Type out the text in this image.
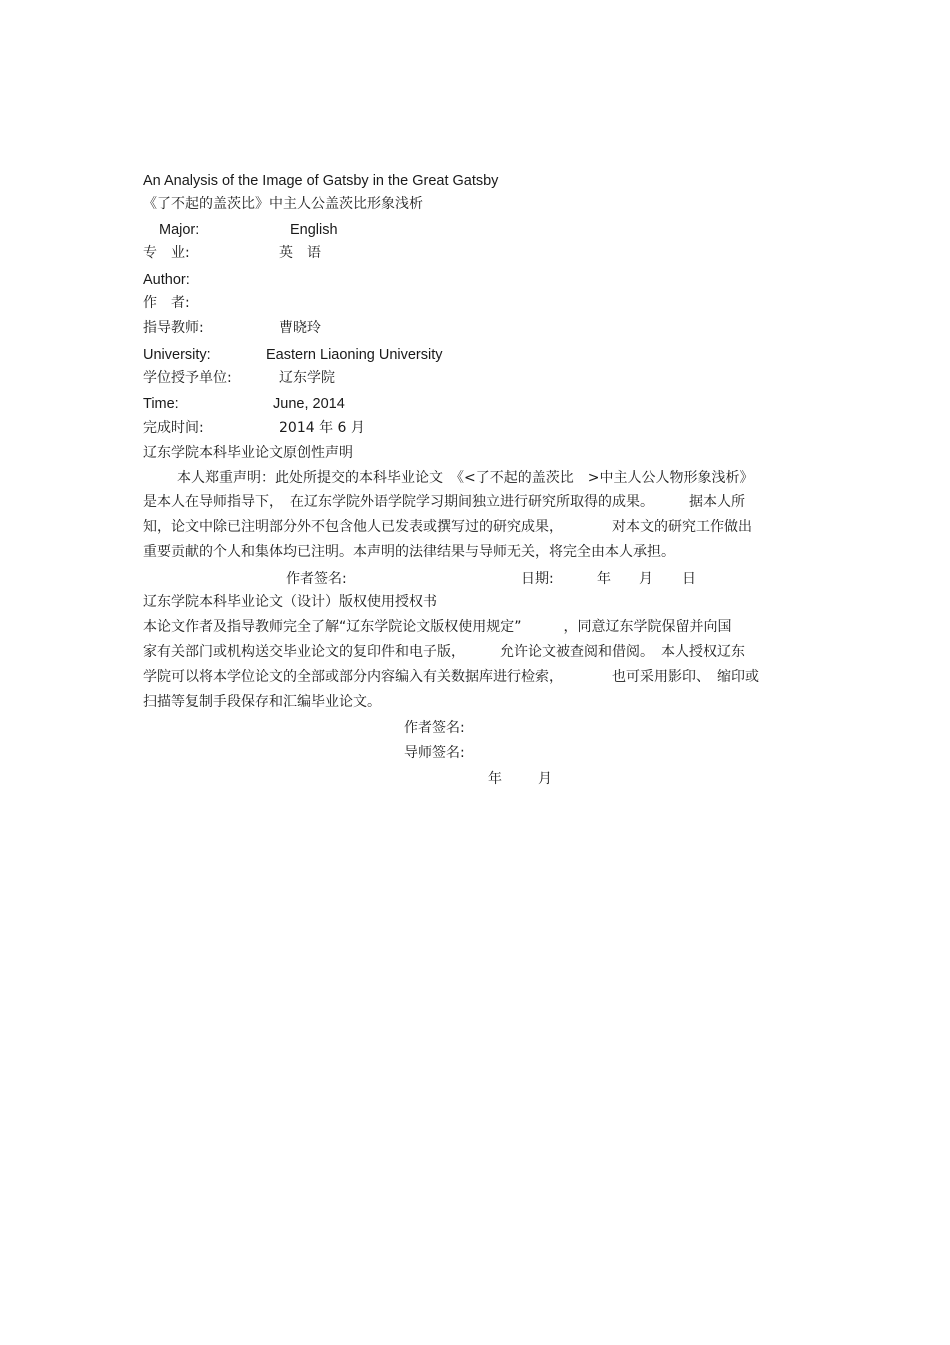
An Analysis of the Image of Gatsby in the Great Gatsby
《了不起的盖茨比》中主人公盖茨比形象浅析
Major:	English
专　业:	英　语
Author:
作　者:
指导教师:	曹晓玲
University:	Eastern Liaoning University
学位授予单位:	辽东学院
Time:	June, 2014
完成时间:	2014 年 6 月
辽东学院本科毕业论文原创性声明
本人郑重声明：此处所提交的本科毕业论文　《<了不起的盖茨比　>中主人公人物形象浅析》
是本人在导师指导下，　在辽东学院外语学院学习期间独立进行研究所取得的成果。　　　据本人所
知，论文中除已注明部分外不包含他人已发表或撰写过的研究成果，　　　　对本文的研究工作做出
重要贡献的个人和集体均已注明。本声明的法律结果与导师无关，将完全由本人承担。
作者签名:	日期:	年 月 日
辽东学院本科毕业论文（设计）版权使用授权书
本论文作者及指导教师完全了解“辽东学院论文版权使用规定”　　　，同意辽东学院保留并向国
家有关部门或机构送交毕业论文的复印件和电子版，　　　允许论文被查阅和借阅。　本人授权辽东
学院可以将本学位论文的全部或部分内容编入有关数据库进行检索，　　　　也可采用影印、　缩印或
扫描等复制手段保存和汇编毕业论文。
作者签名:
导师签名:
年	月
